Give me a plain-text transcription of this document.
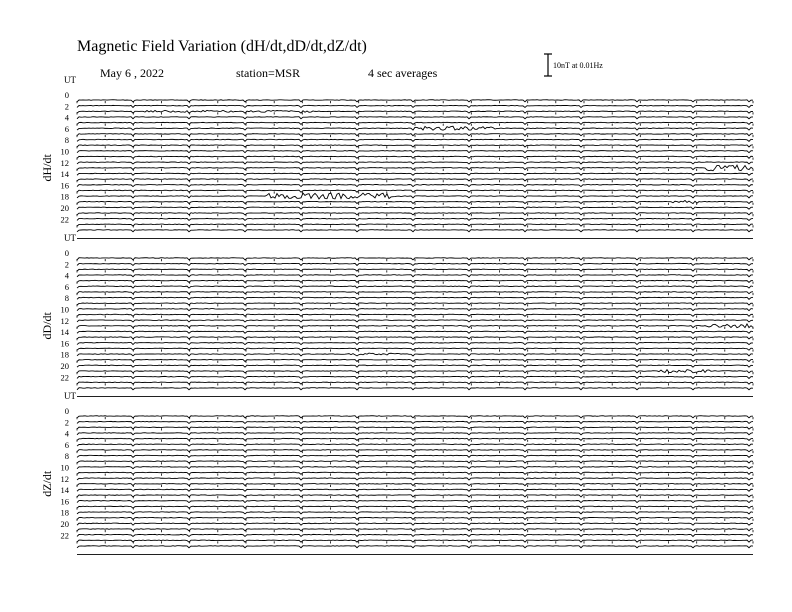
Magnetic Field Variation (dH/dt,dD/dt,dZ/dt)
May 6 , 2022	station=MSR	4 sec averages
10nT at 0.01Hz
UT
dH/dt
0
2
4
6
8
10
12
14
16
18
20
22
UT
dD/dt
0
2
4
6
8
10
12
14
16
18
20
22
UT
dZ/dt
0
2
4
6
8
10
12
14
16
18
20
22
